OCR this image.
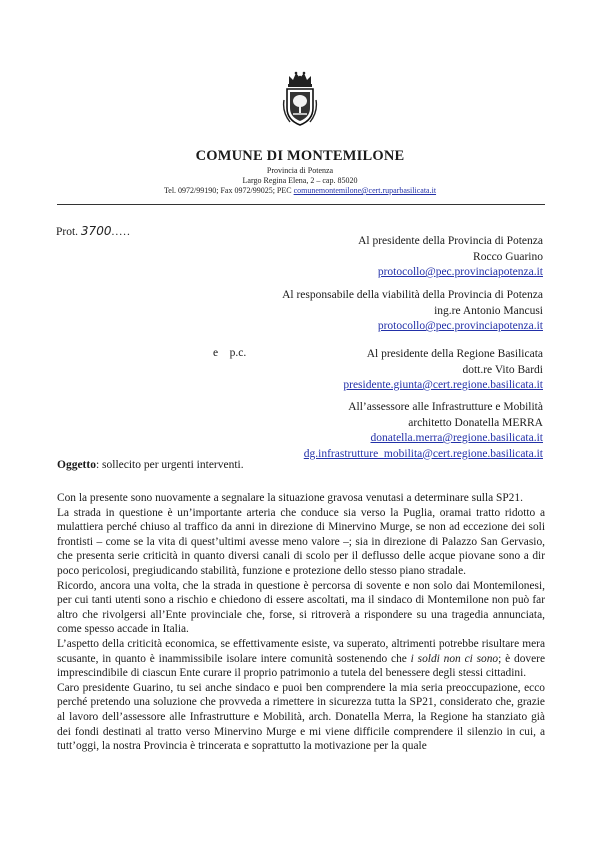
COMUNE DI MONTEMILONE
Provincia di Potenza
Largo Regina Elena, 2 – cap. 85020
Tel. 0972/99190; Fax 0972/99025; PEC comunemontemilone@cert.ruparbasilicata.it
Prot. 3700.....
Al presidente della Provincia di Potenza
Rocco Guarino
protocollo@pec.provinciapotenza.it
Al responsabile della viabilità della Provincia di Potenza
ing.re Antonio Mancusi
protocollo@pec.provinciapotenza.it
e    p.c.	Al presidente della Regione Basilicata
dott.re Vito Bardi
presidente.giunta@cert.regione.basilicata.it
All’assessore alle Infrastrutture e Mobilità
architetto Donatella MERRA
donatella.merra@regione.basilicata.it
dg.infrastrutture_mobilita@cert.regione.basilicata.it
Oggetto: sollecito per urgenti interventi.

Con la presente sono nuovamente a segnalare la situazione gravosa venutasi a determinare sulla SP21.

La strada in questione è un’importante arteria che conduce sia verso la Puglia, oramai tratto ridotto a mulattiera perché chiuso al traffico da anni in direzione di Minervino Murge, se non ad eccezione dei soli frontisti – come se la vita di quest’ultimi avesse meno valore –; sia in direzione di Palazzo San Gervasio, che presenta serie criticità in quanto diversi canali di scolo per il deflusso delle acque piovane sono a dir poco pericolosi, pregiudicando stabilità, funzione e protezione dello stesso piano stradale.

Ricordo, ancora una volta, che la strada in questione è percorsa di sovente e non solo dai Montemilonesi, per cui tanti utenti sono a rischio e chiedono di essere ascoltati, ma il sindaco di Montemilone non può far altro che rivolgersi all’Ente provinciale che, forse, si ritroverà a rispondere su una tragedia annunciata, come spesso accade in Italia.

L’aspetto della criticità economica, se effettivamente esiste, va superato, altrimenti potrebbe risultare mera scusante, in quanto è inammissibile isolare intere comunità sostenendo che i soldi non ci sono; è dovere imprescindibile di ciascun Ente curare il proprio patrimonio a tutela del benessere degli stessi cittadini.

Caro presidente Guarino, tu sei anche sindaco e puoi ben comprendere la mia seria preoccupazione, ecco perché pretendo una soluzione che provveda a rimettere in sicurezza tutta la SP21, considerato che, grazie al lavoro dell’assessore alle Infrastrutture e Mobilità, arch. Donatella Merra, la Regione ha stanziato già dei fondi destinati al tratto verso Minervino Murge e mi viene difficile comprendere il silenzio in cui, a tutt’oggi, la nostra Provincia è trincerata e soprattutto la motivazione per la quale
